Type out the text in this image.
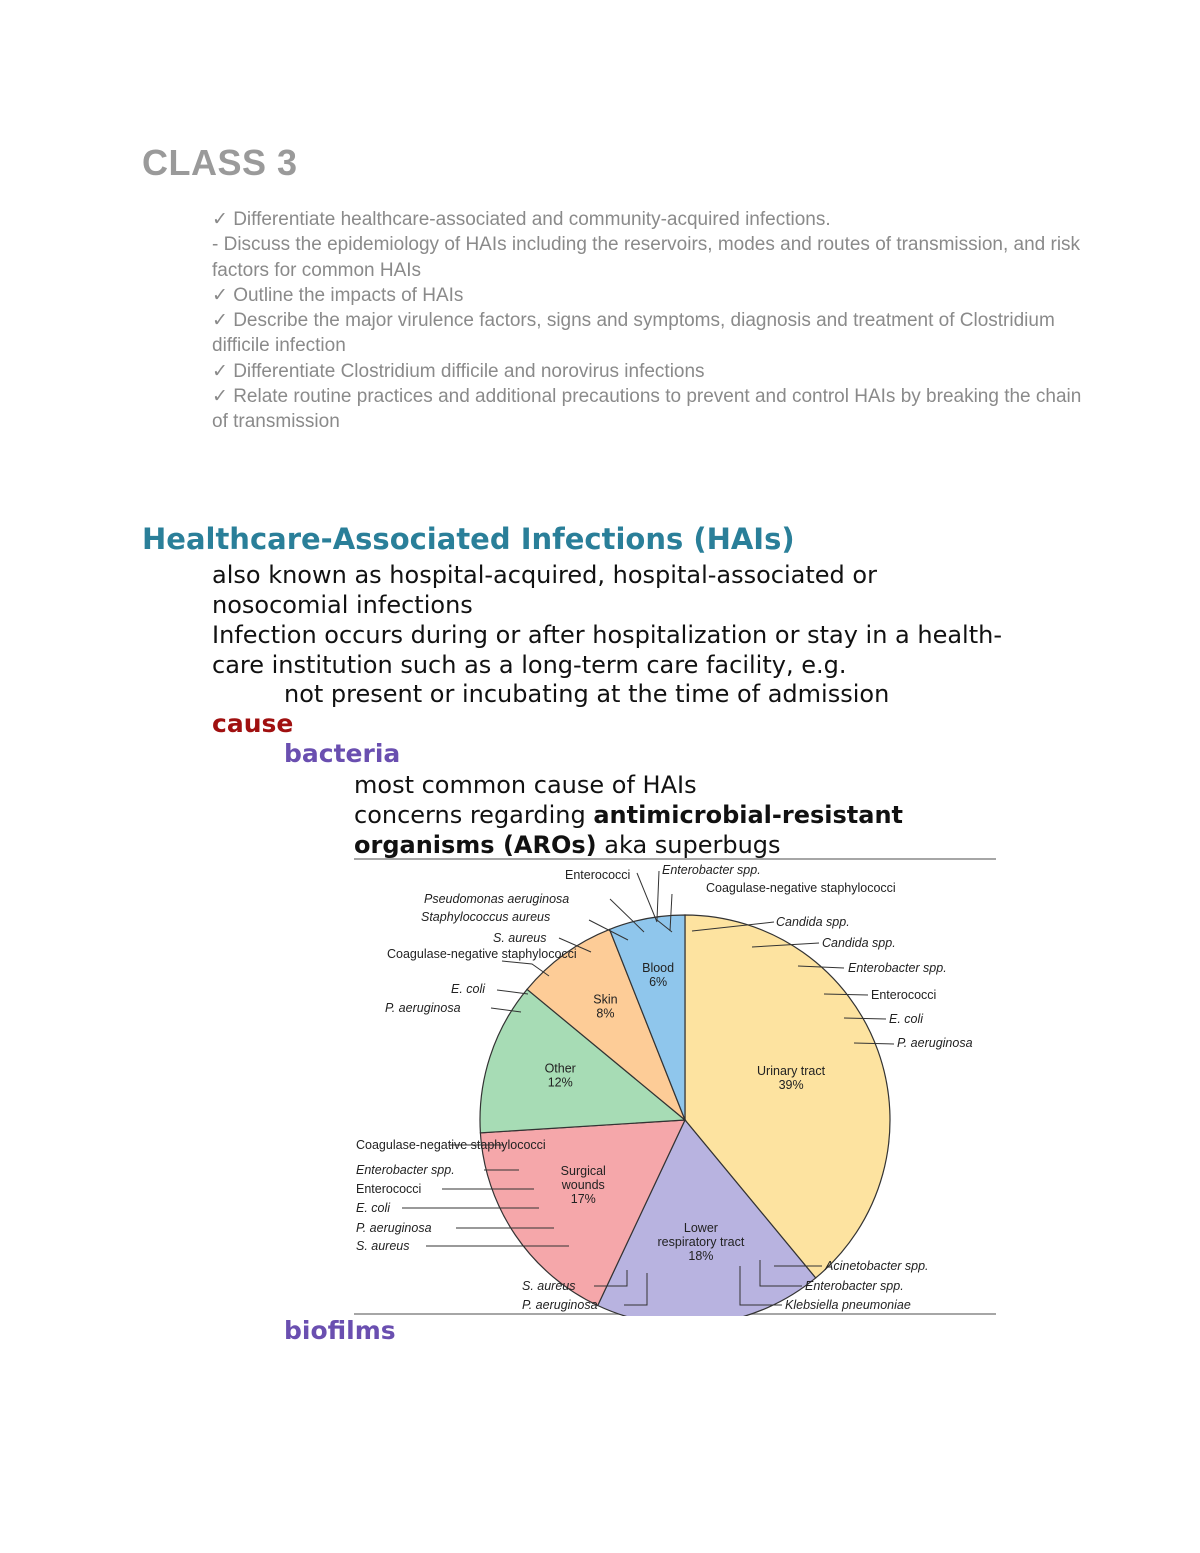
CLASS 3
✓ Differentiate healthcare-associated and community-acquired infections.
- Discuss the epidemiology of HAIs including the reservoirs, modes and routes of transmission, and risk factors for common HAIs
✓ Outline the impacts of HAIs
✓ Describe the major virulence factors, signs and symptoms, diagnosis and treatment of Clostridium difficile infection
✓ Differentiate Clostridium difficile and norovirus infections
✓ Relate routine practices and additional precautions to prevent and control HAIs by breaking the chain of transmission
Healthcare-Associated Infections (HAIs)
also known as hospital-acquired, hospital-associated or
nosocomial infections
Infection occurs during or after hospitalization or stay in a health-
care institution such as a long-term care facility, e.g.
not present or incubating at the time of admission
cause
bacteria
most common cause of HAIs
concerns regarding antimicrobial-resistant
organisms (AROs) aka superbugs
Urinary tract 39%
Lower respiratory tract 18%
Surgical wounds 17%
Other 12%
Skin 8%
Blood 6%
Enterococci
Pseudomonas aeruginosa
Staphylococcus aureus
S. aureus
Coagulase-negative staphylococci
E. coli
P. aeruginosa
Enterobacter spp.
Coagulase-negative staphylococci
Candida spp.
Candida spp.
Enterobacter spp.
Enterococci
E. coli
P. aeruginosa
Coagulase-negative staphylococci
Enterobacter spp.
Enterococci
E. coli
P. aeruginosa
S. aureus
Acinetobacter spp.
Enterobacter spp.
Klebsiella pneumoniae
S. aureus
P. aeruginosa
biofilms
